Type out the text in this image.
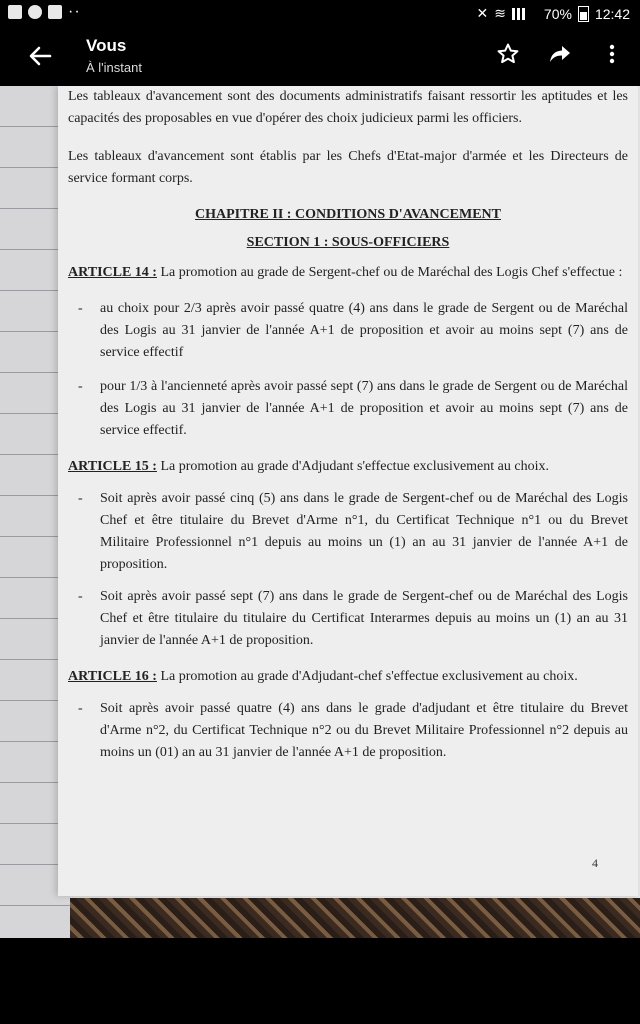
··	✕ ≋	70% 12:42
Vous
À l'instant

Les tableaux d'avancement sont des documents administratifs faisant ressortir les aptitudes et les capacités des proposables en vue d'opérer des choix judicieux parmi les officiers.

Les tableaux d'avancement sont établis par les Chefs d'Etat-major d'armée et les Directeurs de service formant corps.

CHAPITRE II : CONDITIONS D'AVANCEMENT
SECTION 1 : SOUS-OFFICIERS

ARTICLE 14 : La promotion au grade de Sergent-chef ou de Maréchal des Logis Chef s'effectue :

- au choix pour 2/3 après avoir passé quatre (4) ans dans le grade de Sergent ou de Maréchal des Logis au 31 janvier de l'année A+1 de proposition et avoir au moins sept (7) ans de service effectif

- pour 1/3 à l'ancienneté après avoir passé sept (7) ans dans le grade de Sergent ou de Maréchal des Logis au 31 janvier de l'année A+1 de proposition et avoir au moins sept (7) ans de service effectif.

ARTICLE 15 : La promotion au grade d'Adjudant s'effectue exclusivement au choix.

- Soit après avoir passé cinq (5) ans dans le grade de Sergent-chef ou de Maréchal des Logis Chef et être titulaire du Brevet d'Arme n°1, du Certificat Technique n°1 ou du Brevet Militaire Professionnel n°1 depuis au moins un (1) an au 31 janvier de l'année A+1 de proposition.

- Soit après avoir passé sept (7) ans dans le grade de Sergent-chef ou de Maréchal des Logis Chef et être titulaire du titulaire du Certificat Interarmes depuis au moins un (1) an au 31 janvier de l'année A+1 de proposition.

ARTICLE 16 : La promotion au grade d'Adjudant-chef s'effectue exclusivement au choix.

- Soit après avoir passé quatre (4) ans dans le grade d'adjudant et être titulaire du Brevet d'Arme n°2, du Certificat Technique n°2 ou du Brevet Militaire Professionnel n°2 depuis au moins un (01) an au 31 janvier de l'année A+1 de proposition.

4
